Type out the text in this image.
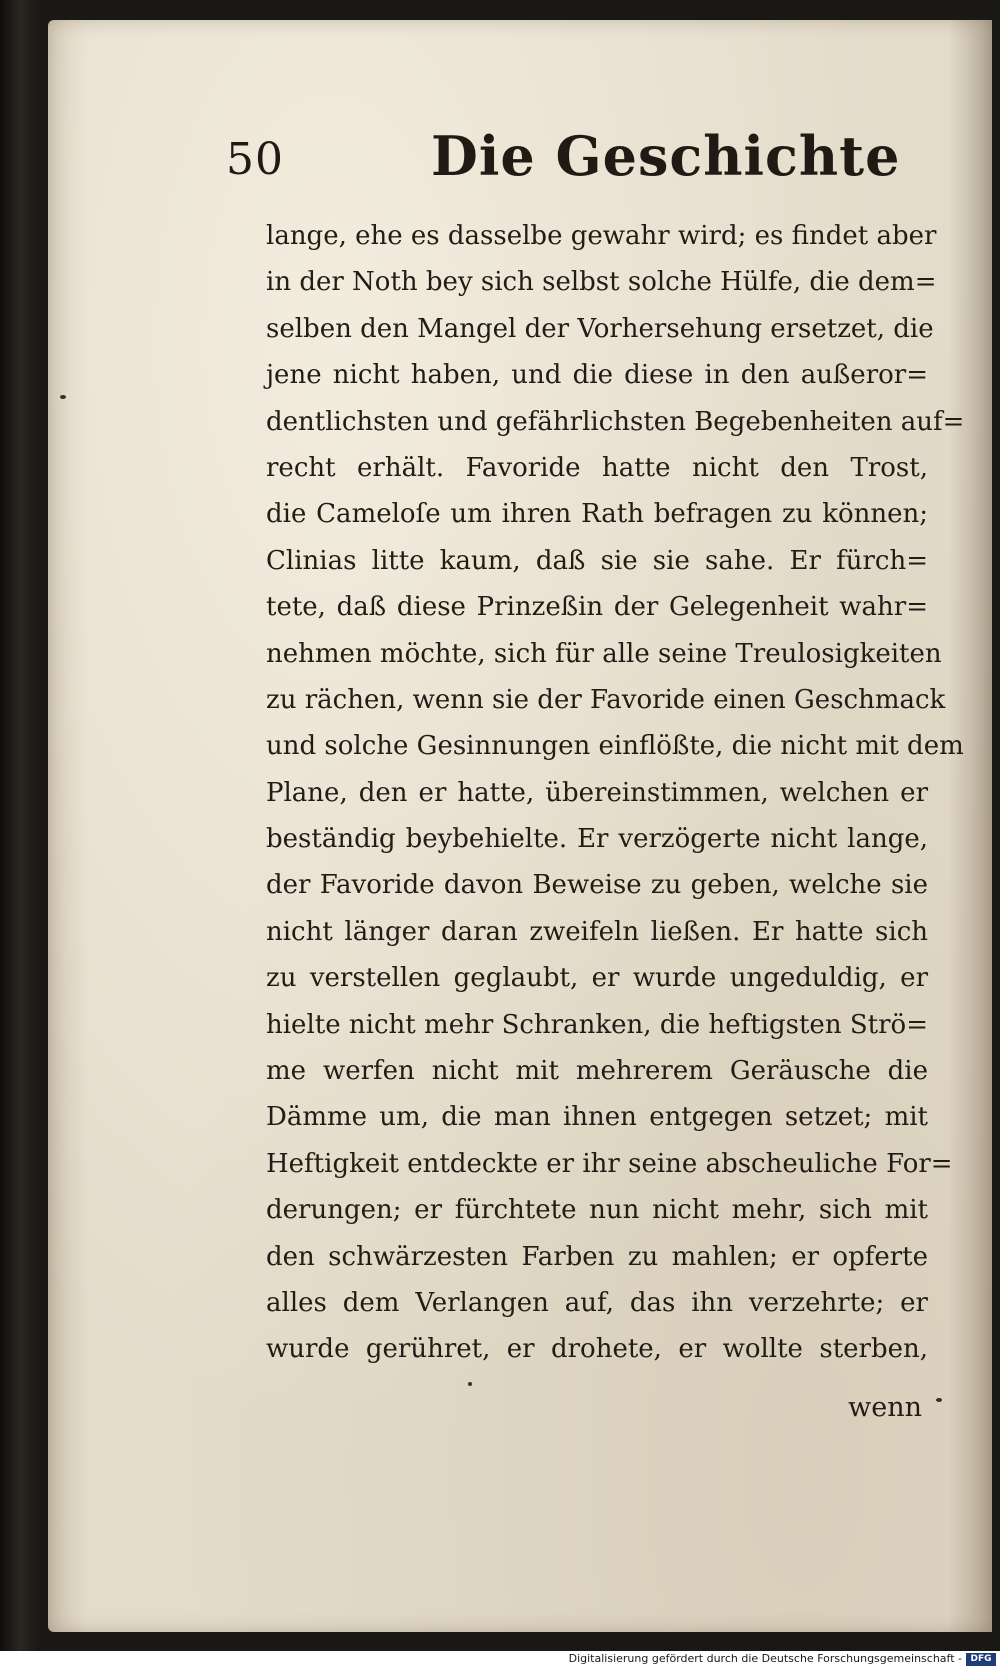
50	Die Geschichte
lange, ehe es dasselbe gewahr wird; es findet aber
in der Noth bey sich selbst solche Hülfe, die dem=
selben den Mangel der Vorhersehung ersetzet, die
jene nicht haben, und die diese in den außeror=
dentlichsten und gefährlichsten Begebenheiten auf=
recht erhält. Favoride hatte nicht den Trost,
die Cameloſe um ihren Rath befragen zu können;
Clinias litte kaum, daß sie sie sahe. Er fürch=
tete, daß diese Prinzeßin der Gelegenheit wahr=
nehmen möchte, sich für alle seine Treulosigkeiten
zu rächen, wenn sie der Favoride einen Geschmack
und solche Gesinnungen einflößte, die nicht mit dem
Plane, den er hatte, übereinstimmen, welchen er
beständig beybehielte. Er verzögerte nicht lange,
der Favoride davon Beweise zu geben, welche sie
nicht länger daran zweifeln ließen. Er hatte sich
zu verstellen geglaubt, er wurde ungeduldig, er
hielte nicht mehr Schranken, die heftigsten Strö=
me werfen nicht mit mehrerem Geräusche die
Dämme um, die man ihnen entgegen setzet; mit
Heftigkeit entdeckte er ihr seine abscheuliche For=
derungen; er fürchtete nun nicht mehr, sich mit
den schwärzesten Farben zu mahlen; er opferte
alles dem Verlangen auf, das ihn verzehrte; er
wurde gerühret, er drohete, er wollte sterben,
wenn
Digitalisierung gefördert durch die Deutsche Forschungsgemeinschaft - DFG
